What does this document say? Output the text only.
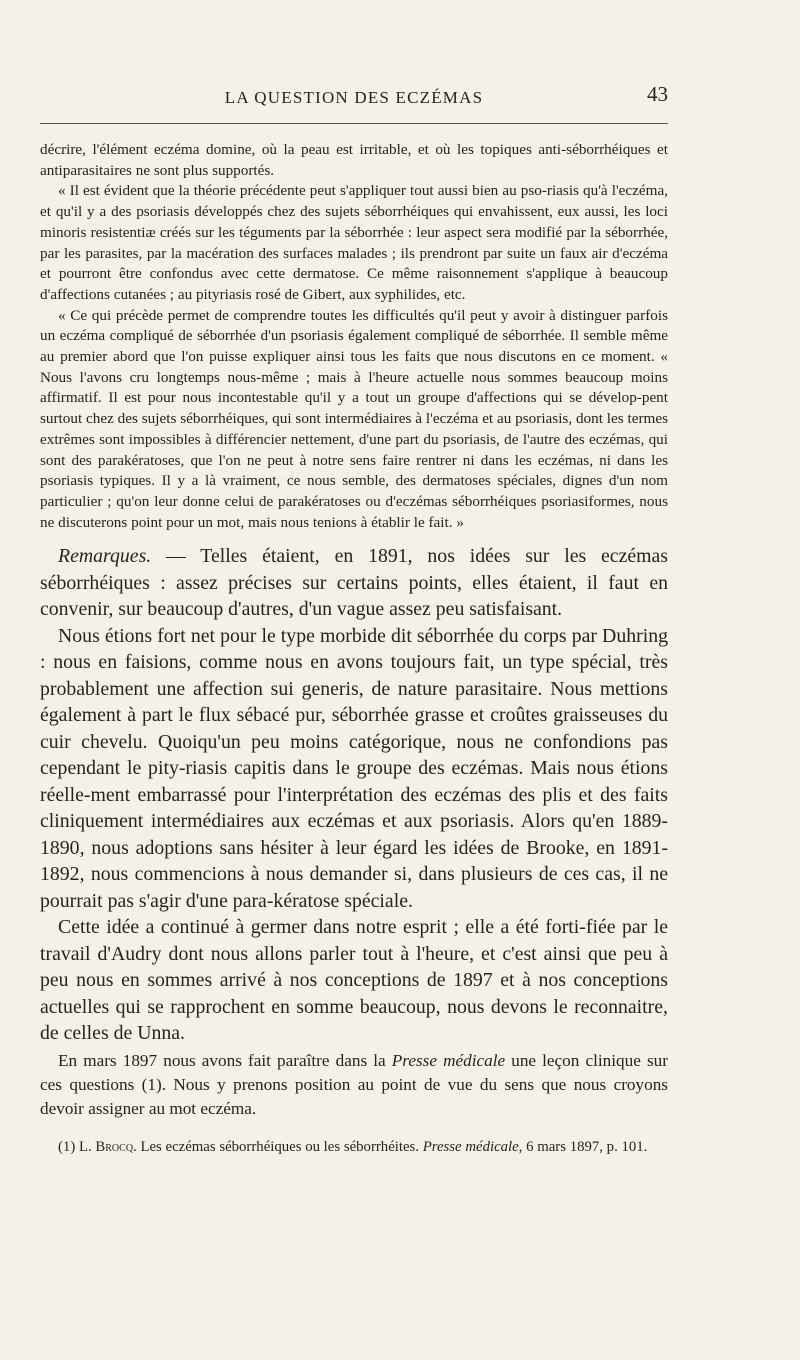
LA QUESTION DES ECZÉMAS	43

décrire, l'élément eczéma domine, où la peau est irritable, et où les topiques anti-séborrhéiques et antiparasitaires ne sont plus supportés.

« Il est évident que la théorie précédente peut s'appliquer tout aussi bien au pso-riasis qu'à l'eczéma, et qu'il y a des psoriasis développés chez des sujets séborrhéiques qui envahissent, eux aussi, les loci minoris resistentiæ créés sur les téguments par la séborrhée : leur aspect sera modifié par la séborrhée, par les parasites, par la macération des surfaces malades ; ils prendront par suite un faux air d'eczéma et pourront être confondus avec cette dermatose. Ce même raisonnement s'applique à beaucoup d'affections cutanées ; au pityriasis rosé de Gibert, aux syphilides, etc.

« Ce qui précède permet de comprendre toutes les difficultés qu'il peut y avoir à distinguer parfois un eczéma compliqué de séborrhée d'un psoriasis également compliqué de séborrhée. Il semble même au premier abord que l'on puisse expliquer ainsi tous les faits que nous discutons en ce moment. « Nous l'avons cru longtemps nous-même ; mais à l'heure actuelle nous sommes beaucoup moins affirmatif. Il est pour nous incontestable qu'il y a tout un groupe d'affections qui se dévelop-pent surtout chez des sujets séborrhéiques, qui sont intermédiaires à l'eczéma et au psoriasis, dont les termes extrêmes sont impossibles à différencier nettement, d'une part du psoriasis, de l'autre des eczémas, qui sont des parakératoses, que l'on ne peut à notre sens faire rentrer ni dans les eczémas, ni dans les psoriasis typiques. Il y a là vraiment, ce nous semble, des dermatoses spéciales, dignes d'un nom particulier ; qu'on leur donne celui de parakératoses ou d'eczémas séborrhéiques psoriasiformes, nous ne discuterons point pour un mot, mais nous tenions à établir le fait. »

Remarques. — Telles étaient, en 1891, nos idées sur les eczémas séborrhéiques : assez précises sur certains points, elles étaient, il faut en convenir, sur beaucoup d'autres, d'un vague assez peu satisfaisant.

Nous étions fort net pour le type morbide dit séborrhée du corps par Duhring : nous en faisions, comme nous en avons toujours fait, un type spécial, très probablement une affection sui generis, de nature parasitaire. Nous mettions également à part le flux sébacé pur, séborrhée grasse et croûtes graisseuses du cuir chevelu. Quoiqu'un peu moins catégorique, nous ne confondions pas cependant le pity-riasis capitis dans le groupe des eczémas. Mais nous étions réelle-ment embarrassé pour l'interprétation des eczémas des plis et des faits cliniquement intermédiaires aux eczémas et aux psoriasis. Alors qu'en 1889-1890, nous adoptions sans hésiter à leur égard les idées de Brooke, en 1891-1892, nous commencions à nous demander si, dans plusieurs de ces cas, il ne pourrait pas s'agir d'une para-kératose spéciale.

Cette idée a continué à germer dans notre esprit ; elle a été forti-fiée par le travail d'Audry dont nous allons parler tout à l'heure, et c'est ainsi que peu à peu nous en sommes arrivé à nos conceptions de 1897 et à nos conceptions actuelles qui se rapprochent en somme beaucoup, nous devons le reconnaitre, de celles de Unna.

En mars 1897 nous avons fait paraître dans la Presse médicale une leçon clinique sur ces questions (1). Nous y prenons position au point de vue du sens que nous croyons devoir assigner au mot eczéma.

(1) L. Brocq. Les eczémas séborrhéiques ou les séborrhéites. Presse médicale, 6 mars 1897, p. 101.
